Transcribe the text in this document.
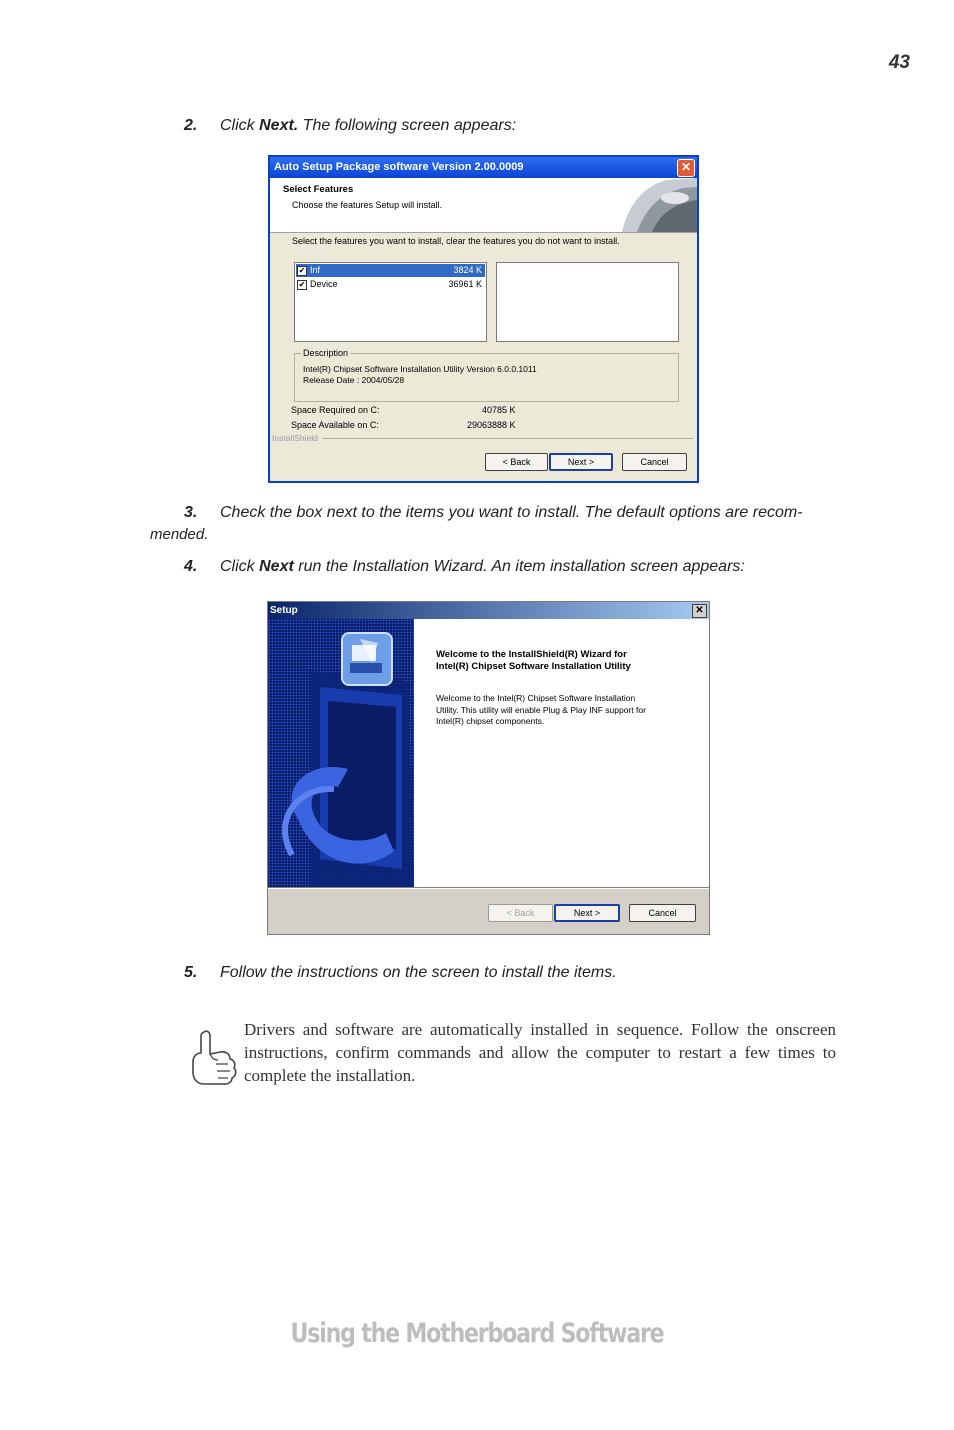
43
2. Click Next. The following screen appears:
Auto Setup Package software Version 2.00.0009	✕
Select Features
Choose the features Setup will install.
Select the features you want to install, clear the features you do not want to install.
✔ Inf	3824 K
✔ Device	36961 K
Description
Intel(R) Chipset Software Installation Utility Version 6.0.0.1011
Release Date : 2004/05/28
Space Required on C:	40785 K
Space Available on C:	29063888 K
InstallShield
< Back	Next >	Cancel
3. Check the box next to the items you want to install. The default options are recom-
mended.
4. Click Next run the Installation Wizard. An item installation screen appears:
Setup	✕
Welcome to the InstallShield(R) Wizard for
Intel(R) Chipset Software Installation Utility
Welcome to the Intel(R) Chipset Software Installation
Utility. This utility will enable Plug & Play INF support for
Intel(R) chipset components.
< Back	Next >	Cancel
5. Follow the instructions on the screen to install the items.
Drivers and software are automatically installed in sequence. Follow the onscreen instructions, confirm commands and allow the computer to restart a few times to complete the installation.
Using the Motherboard Software
